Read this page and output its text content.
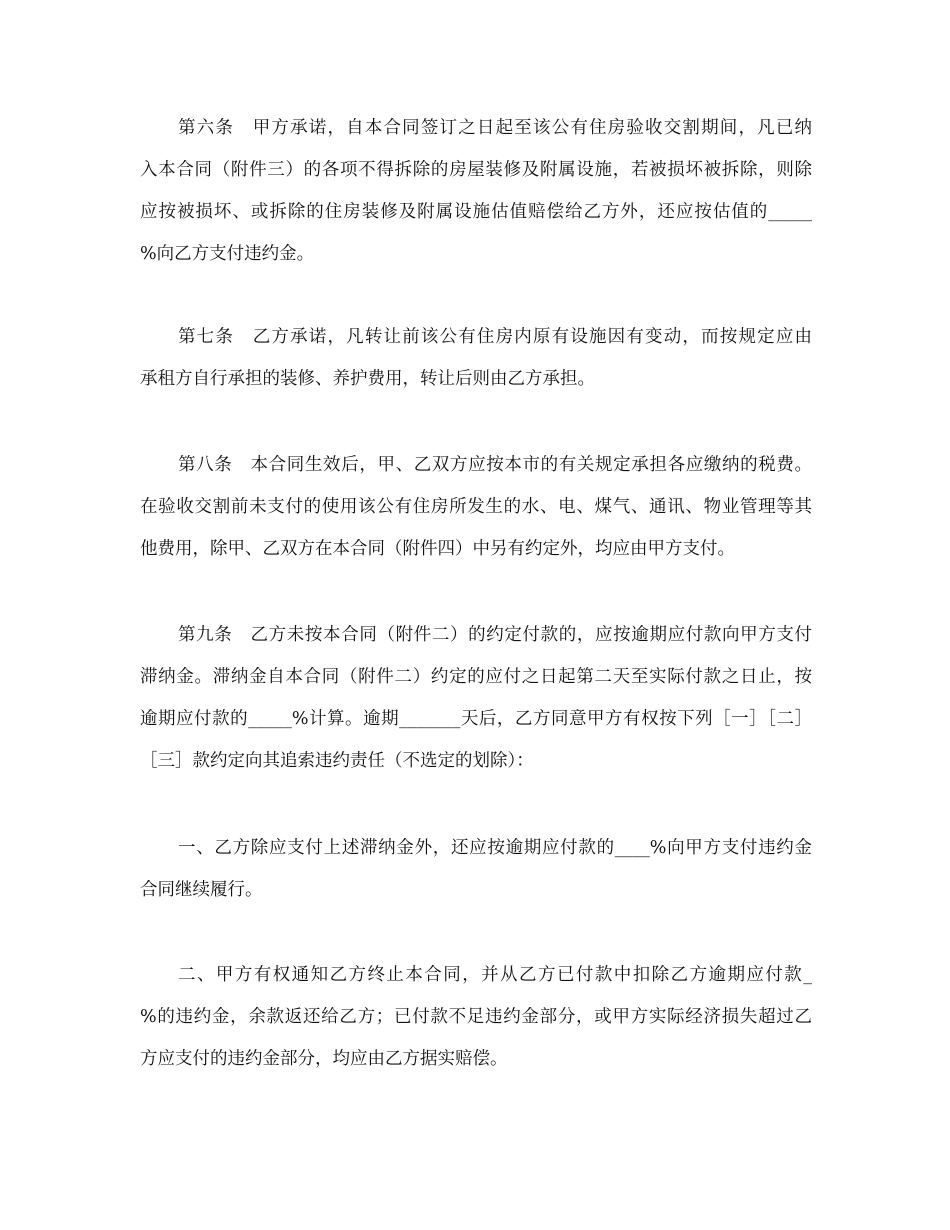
第六条　甲方承诺，自本合同签订之日起至该公有住房验收交割期间，凡已纳
入本合同（附件三）的各项不得拆除的房屋装修及附属设施，若被损坏被拆除，则除
应按被损坏、或拆除的住房装修及附属设施估值赔偿给乙方外，还应按估值的_____
%向乙方支付违约金。
第七条　乙方承诺，凡转让前该公有住房内原有设施因有变动，而按规定应由
承租方自行承担的装修、养护费用，转让后则由乙方承担。
第八条　本合同生效后，甲、乙双方应按本市的有关规定承担各应缴纳的税费。
在验收交割前未支付的使用该公有住房所发生的水、电、煤气、通讯、物业管理等其
他费用，除甲、乙双方在本合同（附件四）中另有约定外，均应由甲方支付。
第九条　乙方未按本合同（附件二）的约定付款的，应按逾期应付款向甲方支付
滞纳金。滞纳金自本合同（附件二）约定的应付之日起第二天至实际付款之日止，按
逾期应付款的_____%计算。逾期_______天后，乙方同意甲方有权按下列［一］［二］
［三］款约定向其追索违约责任（不选定的划除）：
一、乙方除应支付上述滞纳金外，还应按逾期应付款的____%向甲方支付违约金
合同继续履行。
二、甲方有权通知乙方终止本合同，并从乙方已付款中扣除乙方逾期应付款_
%的违约金，余款返还给乙方；已付款不足违约金部分，或甲方实际经济损失超过乙
方应支付的违约金部分，均应由乙方据实赔偿。
